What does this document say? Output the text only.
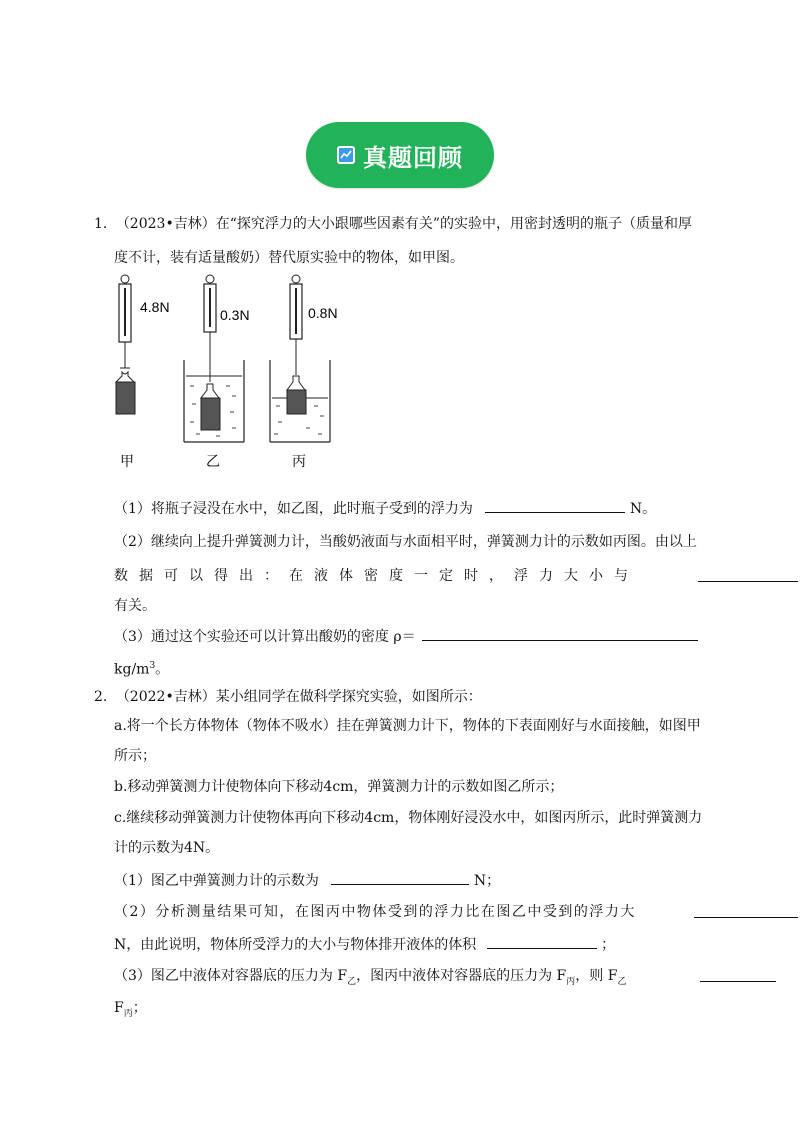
真题回顾
1. （2023•吉林）在“探究浮力的大小跟哪些因素有关”的实验中，用密封透明的瓶子（质量和厚
度不计，装有适量酸奶）替代原实验中的物体，如甲图。
4.8N	0.3N	0.8N
甲	乙	丙
（1）将瓶子浸没在水中，如乙图，此时瓶子受到的浮力为	N。
（2）继续向上提升弹簧测力计，当酸奶液面与水面相平时，弹簧测力计的示数如丙图。由以上
数据可以得出：在液体密度一定时，浮力大小与
有关。
（3）通过这个实验还可以计算出酸奶的密度 ρ＝
$kg/m^3$。
2. （2022•吉林）某小组同学在做科学探究实验，如图所示：
a.将一个长方体物体（物体不吸水）挂在弹簧测力计下，物体的下表面刚好与水面接触，如图甲
所示；
b.移动弹簧测力计使物体向下移动4cm，弹簧测力计的示数如图乙所示；
c.继续移动弹簧测力计使物体再向下移动4cm，物体刚好浸没水中，如图丙所示，此时弹簧测力
计的示数为4N。
（1）图乙中弹簧测力计的示数为	N；
（2）分析测量结果可知，在图丙中物体受到的浮力比在图乙中受到的浮力大
N，由此说明，物体所受浮力的大小与物体排开液体的体积	；
（3）图乙中液体对容器底的压力为 $F_乙$，图丙中液体对容器底的压力为 $F_丙$，则 $F_乙$
$F_丙$；
